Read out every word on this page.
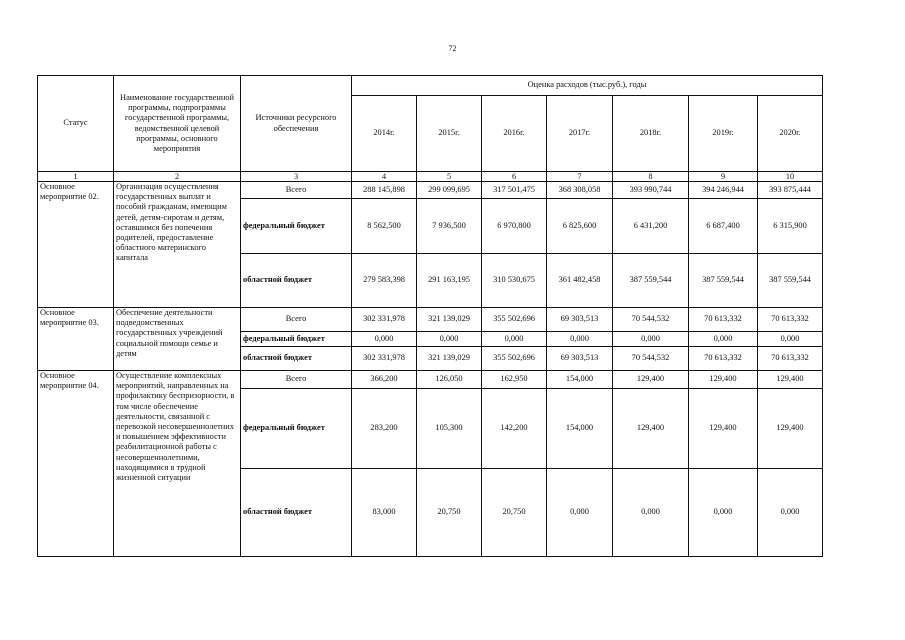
72
Статус	Наименование государственной программы, подпрограммы государственной программы, ведомственной целевой программы, основного мероприятия	Источники ресурсного обеспечения	Оценка расходов (тыс.руб.), годы						
			2014г.	2015г.	2016г.	2017г.	2018г.	2019г.	2020г.
1	2	3	4	5	6	7	8	9	10
Основное мероприятие 02.	Организация осуществления государственных выплат и пособий гражданам, имеющим детей, детям-сиротам и детям, оставшимся без попечения родителей, предоставление областного материнского капитала	Всего	288 145,898	299 099,695	317 501,475	368 308,058	393 990,744	394 246,944	393 875,444
		федеральный бюджет	8 562,500	7 936,500	6 970,800	6 825,600	6 431,200	6 687,400	6 315,900
		областной бюджет	279 583,398	291 163,195	310 530,675	361 482,458	387 559,544	387 559,544	387 559,544
Основное мероприятие 03.	Обеспечение деятельности подведомственных государственных учреждений социальной помощи семье и детям	Всего	302 331,978	321 139,029	355 502,696	69 303,513	70 544,532	70 613,332	70 613,332
		федеральный бюджет	0,000	0,000	0,000	0,000	0,000	0,000	0,000
		областной бюджет	302 331,978	321 139,029	355 502,696	69 303,513	70 544,532	70 613,332	70 613,332
Основное мероприятие 04.	Осуществление комплексных мероприятий, направленных на профилактику беспризорности, в том числе обеспечение деятельности, связанной с перевозкой несовершеннолетних и повышением эффективности реабилитационной работы с несовершеннолетними, находящимися в трудной жизненной ситуации	Всего	366,200	126,050	162,950	154,000	129,400	129,400	129,400
		федеральный бюджет	283,200	105,300	142,200	154,000	129,400	129,400	129,400
		областной бюджет	83,000	20,750	20,750	0,000	0,000	0,000	0,000
